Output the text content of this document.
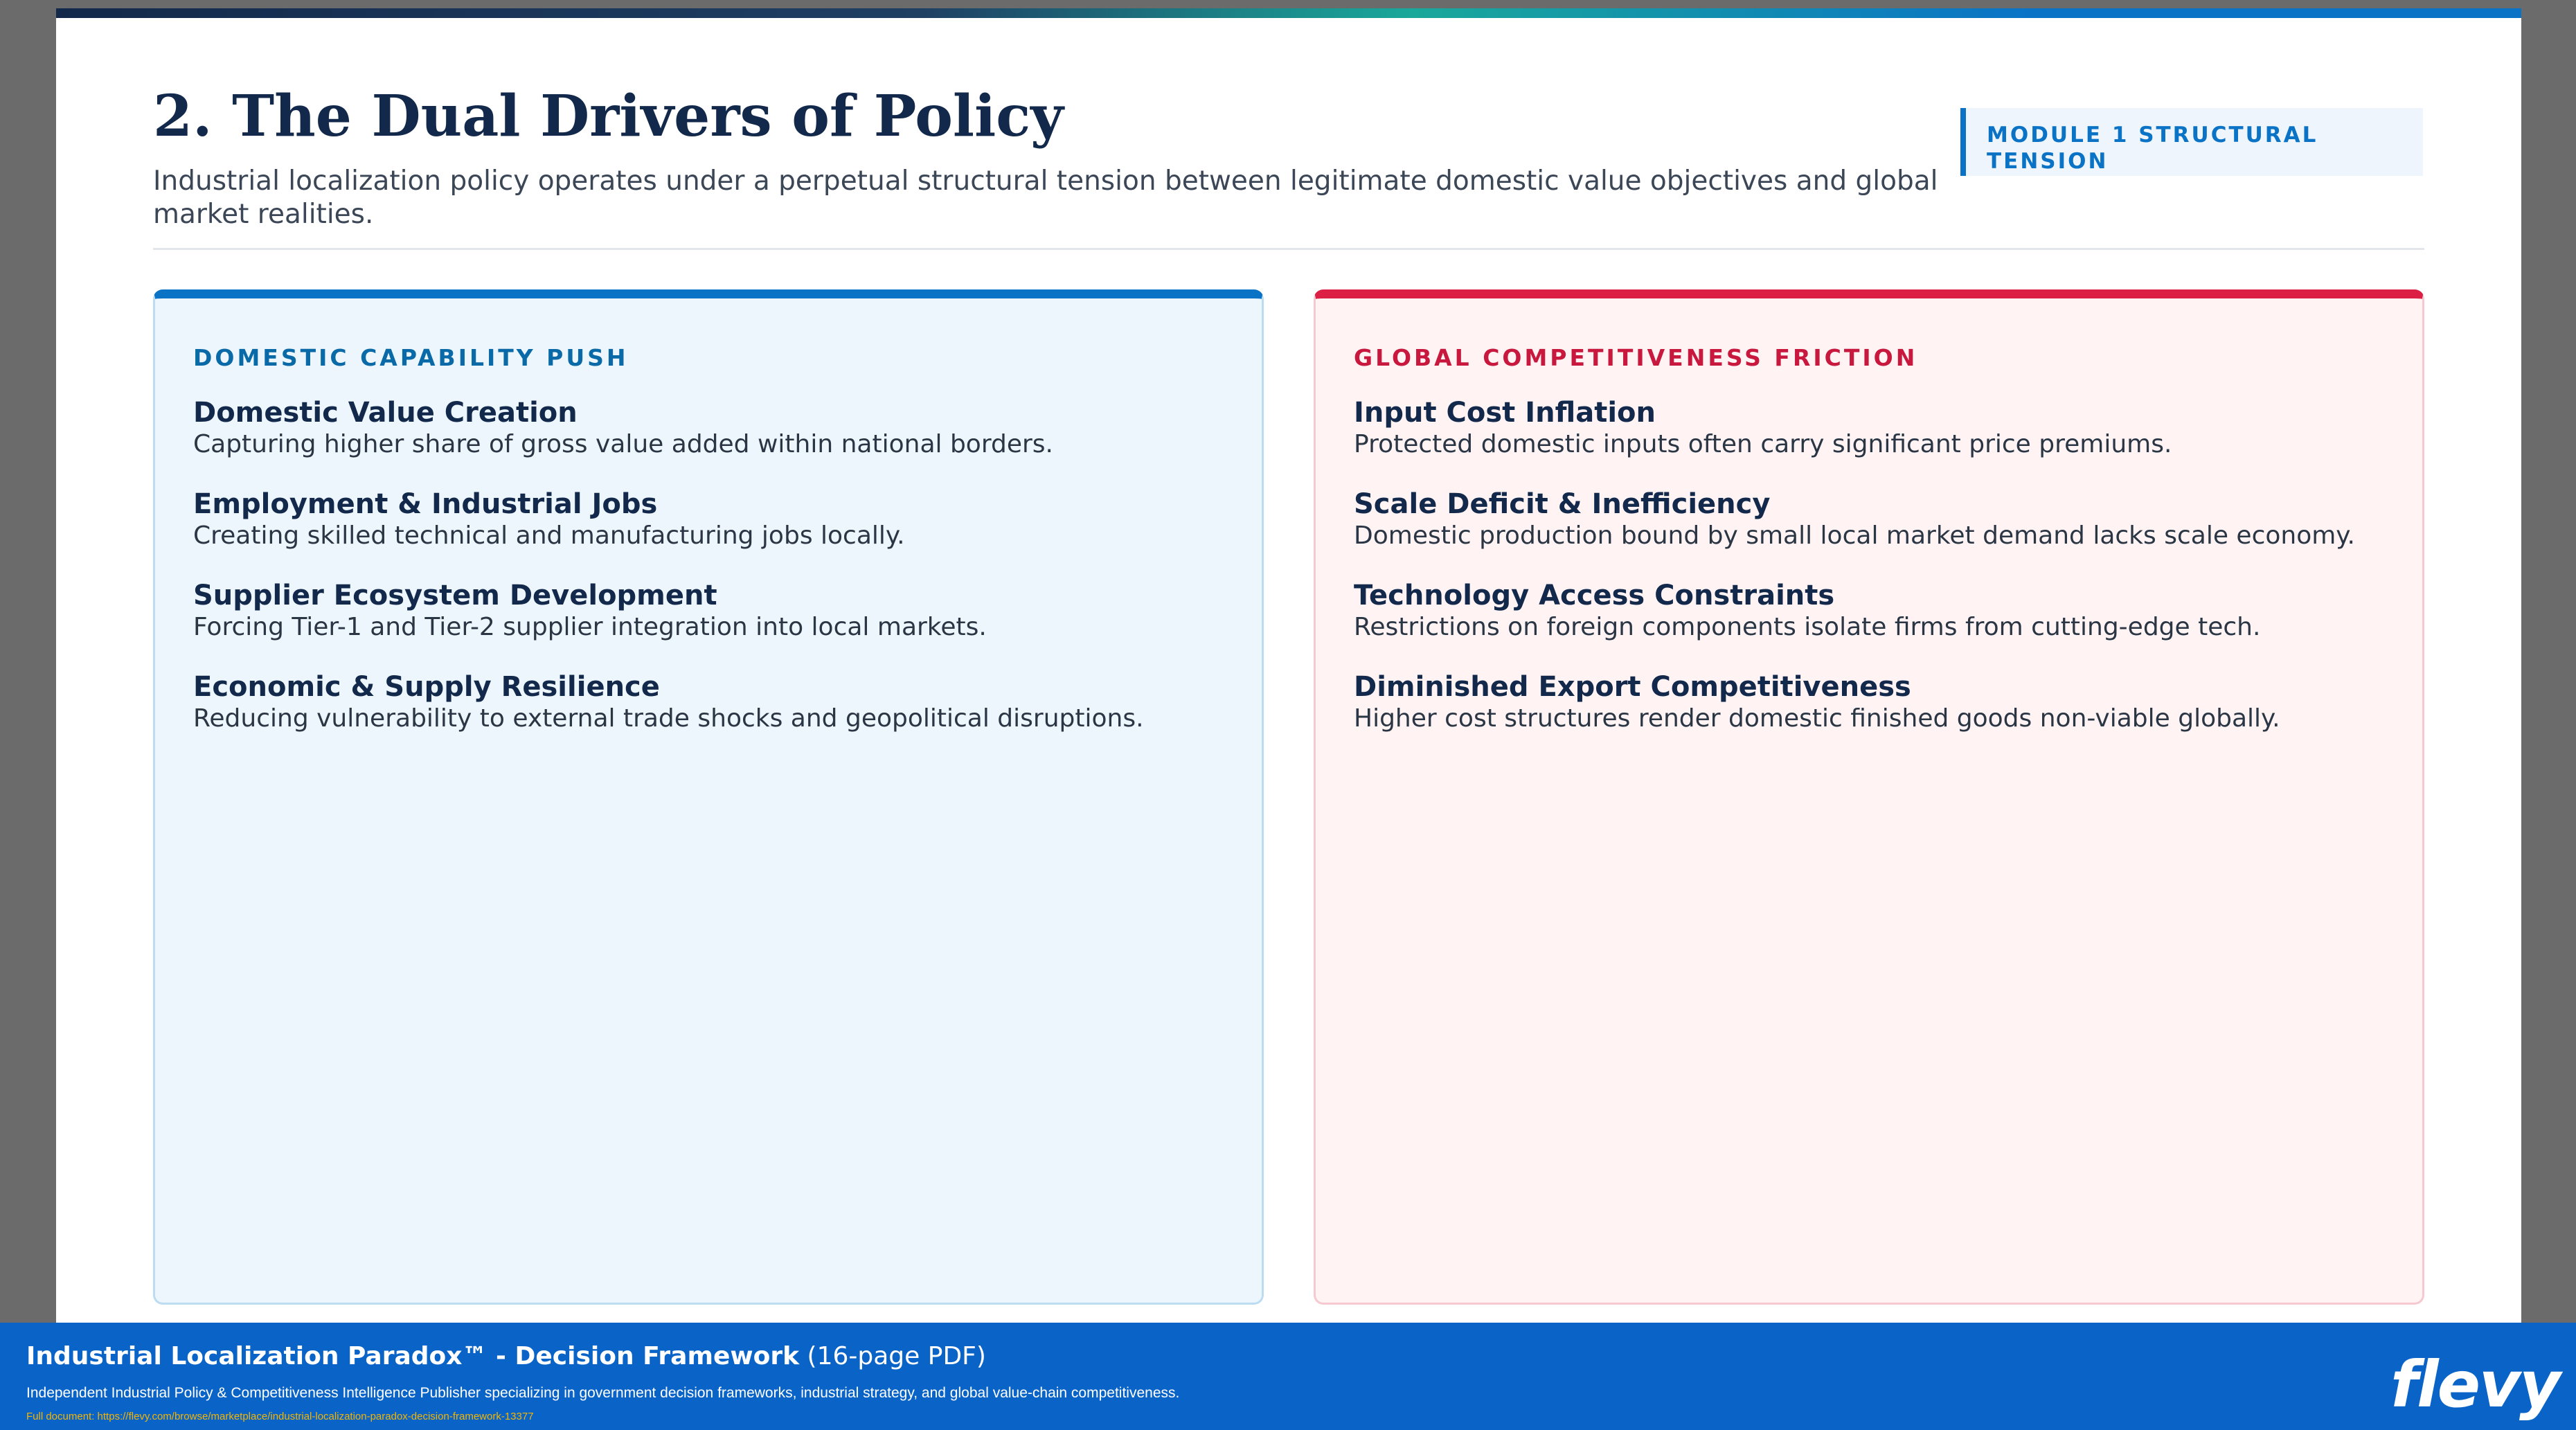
2. The Dual Drivers of Policy
Industrial localization policy operates under a perpetual structural tension between legitimate domestic value objectives and global market realities.
MODULE 1 STRUCTURAL TENSION
DOMESTIC CAPABILITY PUSH
Domestic Value Creation
Capturing higher share of gross value added within national borders.
Employment & Industrial Jobs
Creating skilled technical and manufacturing jobs locally.
Supplier Ecosystem Development
Forcing Tier-1 and Tier-2 supplier integration into local markets.
Economic & Supply Resilience
Reducing vulnerability to external trade shocks and geopolitical disruptions.
GLOBAL COMPETITIVENESS FRICTION
Input Cost Inflation
Protected domestic inputs often carry significant price premiums.
Scale Deficit & Inefficiency
Domestic production bound by small local market demand lacks scale economy.
Technology Access Constraints
Restrictions on foreign components isolate firms from cutting-edge tech.
Diminished Export Competitiveness
Higher cost structures render domestic finished goods non-viable globally.
Industrial Localization Paradox™ - Decision Framework (16-page PDF)
Independent Industrial Policy & Competitiveness Intelligence Publisher specializing in government decision frameworks, industrial strategy, and global value-chain competitiveness.
Full document: https://flevy.com/browse/marketplace/industrial-localization-paradox-decision-framework-13377	flevy
